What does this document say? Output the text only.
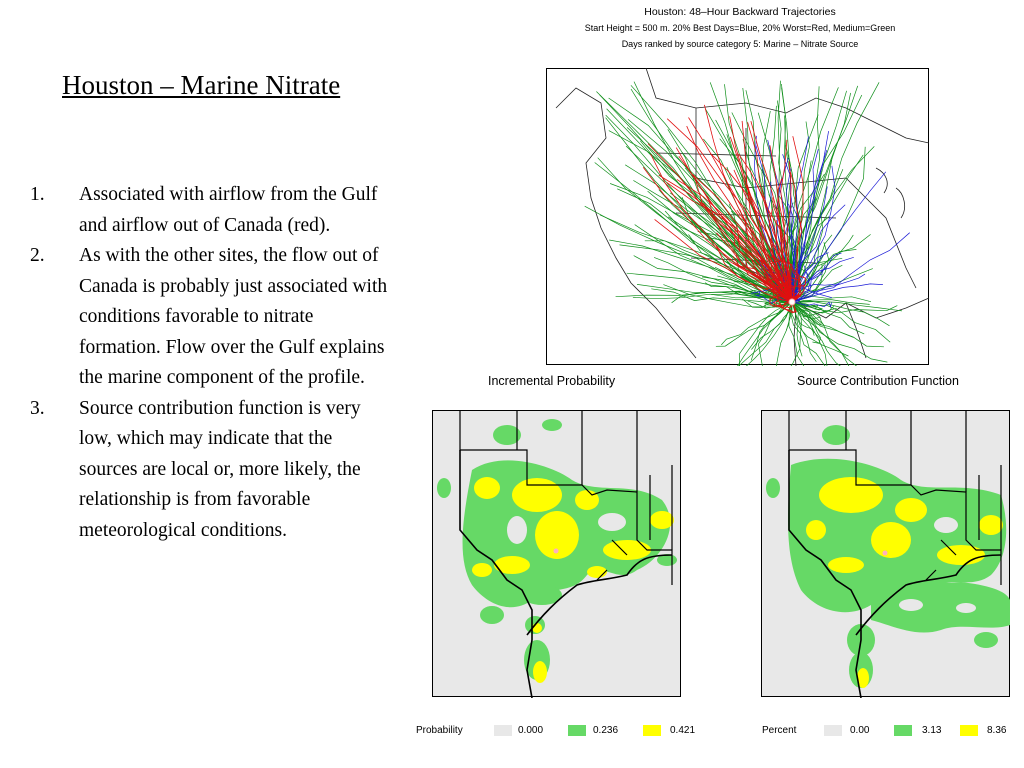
Houston – Marine Nitrate
1. Associated with airflow from the Gulf and airflow out of Canada (red).
2. As with the other sites, the flow out of Canada is probably just associated with conditions favorable to nitrate formation. Flow over the Gulf explains the marine component of the profile.
3. Source contribution function is very low, which may indicate that the sources are local or, more likely, the relationship is from favorable meteorological conditions.
Houston: 48–Hour Backward Trajectories
Start Height = 500 m. 20% Best Days=Blue, 20% Worst=Red, Medium=Green
Days ranked by source category 5: Marine – Nitrate Source
Incremental Probability	Source Contribution Function
Probability	0.000	0.236	0.421	Percent	0.00	3.13	8.36
